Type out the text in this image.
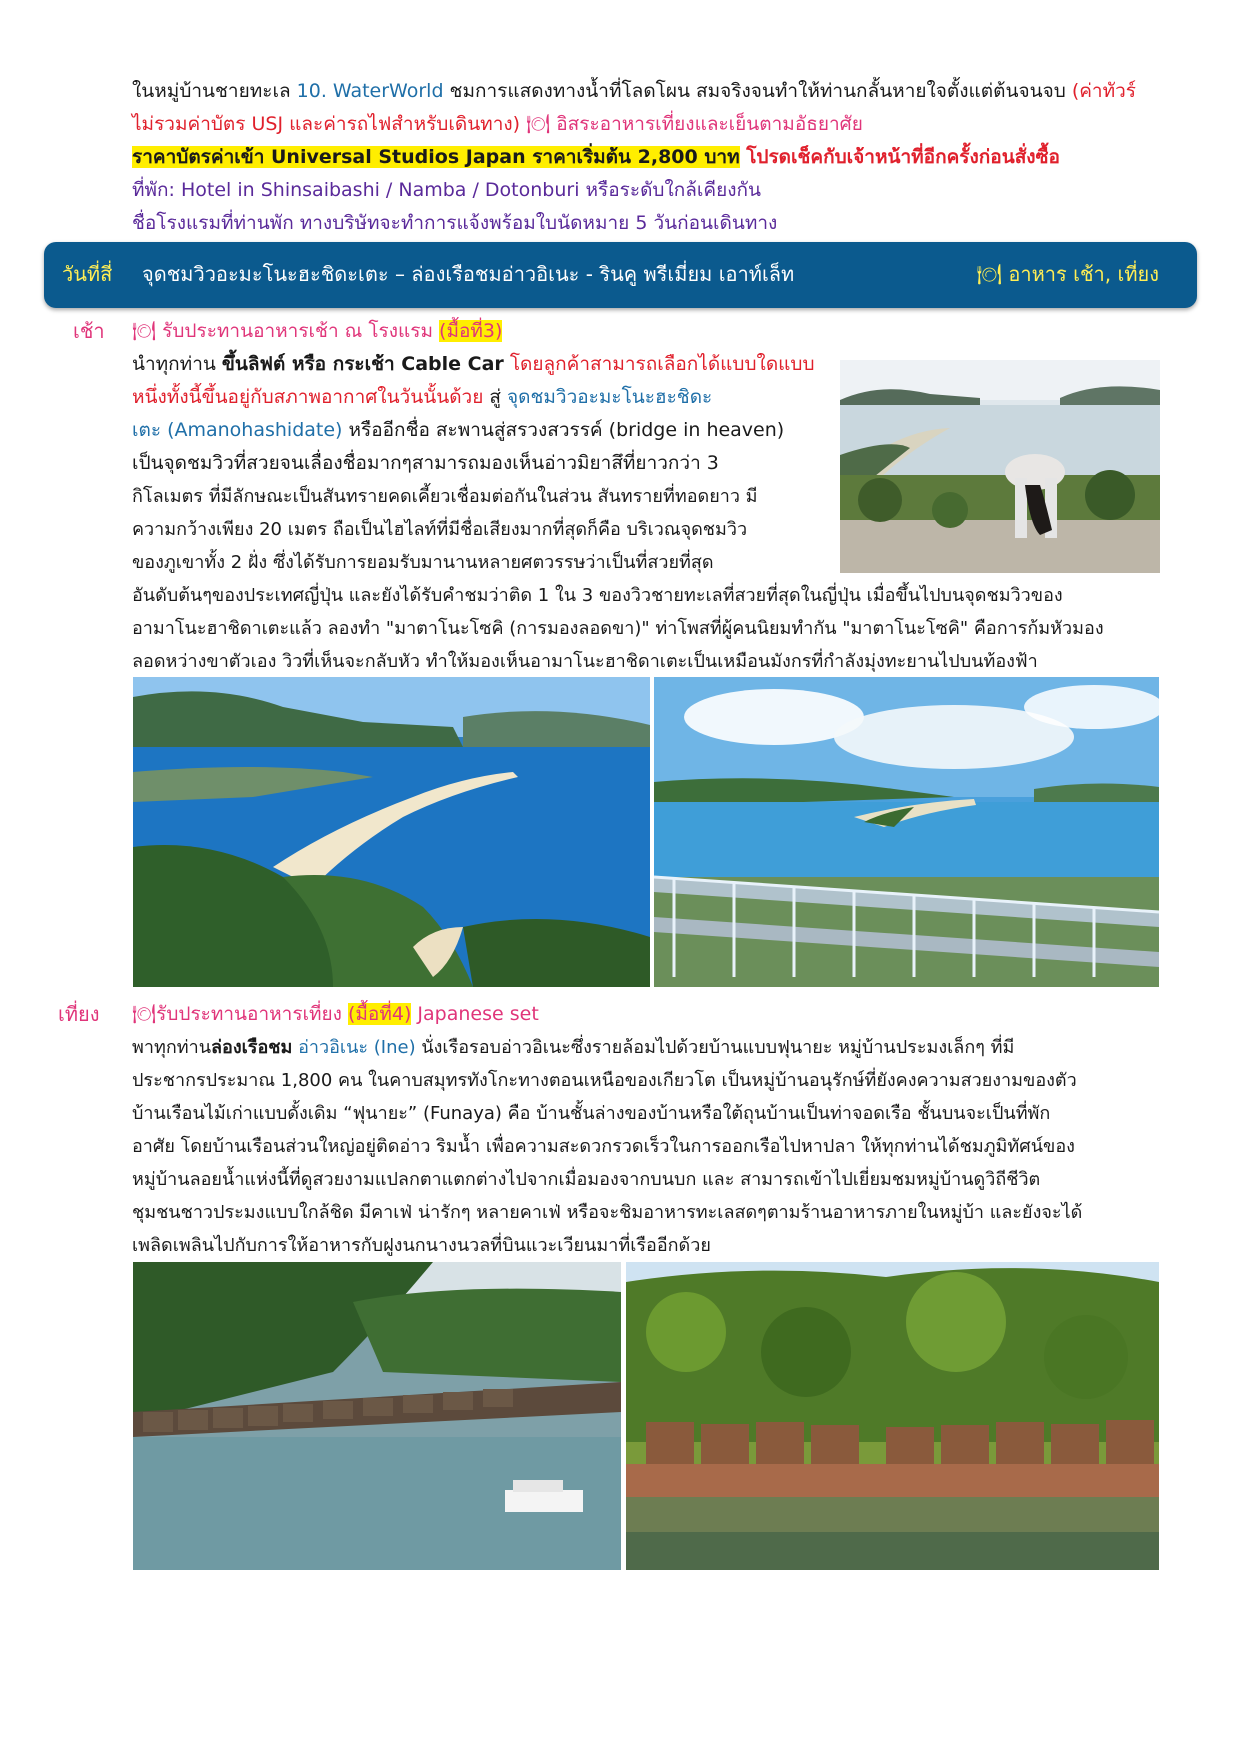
ในหมู่บ้านชายทะเล 10. WaterWorld ชมการแสดงทางน้ำที่โลดโผน สมจริงจนทำให้ท่านกลั้นหายใจตั้งแต่ต้นจนจบ (ค่าทัวร์
ไม่รวมค่าบัตร USJ และค่ารถไฟสำหรับเดินทาง) 🍽 อิสระอาหารเที่ยงและเย็นตามอัธยาศัย
ราคาบัตรค่าเข้า Universal Studios Japan ราคาเริ่มต้น 2,800 บาท โปรดเช็คกับเจ้าหน้าที่อีกครั้งก่อนสั่งซื้อ
ที่พัก: Hotel in Shinsaibashi / Namba / Dotonburi หรือระดับใกล้เคียงกัน
ชื่อโรงแรมที่ท่านพัก ทางบริษัทจะทำการแจ้งพร้อมใบนัดหมาย 5 วันก่อนเดินทาง
วันที่สี่ จุดชมวิวอะมะโนะฮะชิดะเตะ – ล่องเรือชมอ่าวอิเนะ - รินคู พรีเมี่ยม เอาท์เล็ท	🍽 อาหาร เช้า, เที่ยง
เช้า 🍽 รับประทานอาหารเช้า ณ โรงแรม (มื้อที่3)
นำทุกท่าน ขึ้นลิฟต์ หรือ กระเช้า Cable Car โดยลูกค้าสามารถเลือกได้แบบใดแบบ
หนึ่งทั้งนี้ขึ้นอยู่กับสภาพอากาศในวันนั้นด้วย สู่ จุดชมวิวอะมะโนะฮะชิดะ
เตะ (Amanohashidate) หรืออีกชื่อ สะพานสู่สรวงสวรรค์ (bridge in heaven)
เป็นจุดชมวิวที่สวยจนเลื่องชื่อมากๆสามารถมองเห็นอ่าวมิยาสึที่ยาวกว่า 3
กิโลเมตร ที่มีลักษณะเป็นสันทรายคดเคี้ยวเชื่อมต่อกันในส่วน สันทรายที่ทอดยาว มี
ความกว้างเพียง 20 เมตร ถือเป็นไฮไลท์ที่มีชื่อเสียงมากที่สุดก็คือ บริเวณจุดชมวิว
ของภูเขาทั้ง 2 ฝั่ง ซึ่งได้รับการยอมรับมานานหลายศตวรรษว่าเป็นที่สวยที่สุด
อันดับต้นๆของประเทศญี่ปุ่น และยังได้รับคำชมว่าติด 1 ใน 3 ของวิวชายทะเลที่สวยที่สุดในญี่ปุ่น เมื่อขึ้นไปบนจุดชมวิวของ
อามาโนะฮาชิดาเตะแล้ว ลองทำ "มาตาโนะโซคิ (การมองลอดขา)" ท่าโพสที่ผู้คนนิยมทำกัน "มาตาโนะโซคิ" คือการก้มหัวมอง
ลอดหว่างขาตัวเอง วิวที่เห็นจะกลับหัว ทำให้มองเห็นอามาโนะฮาชิดาเตะเป็นเหมือนมังกรที่กำลังมุ่งทะยานไปบนท้องฟ้า
เที่ยง 🍽รับประทานอาหารเที่ยง (มื้อที่4) Japanese set
พาทุกท่านล่องเรือชม อ่าวอิเนะ (Ine) นั่งเรือรอบอ่าวอิเนะซึ่งรายล้อมไปด้วยบ้านแบบฟุนายะ หมู่บ้านประมงเล็กๆ ที่มี
ประชากรประมาณ 1,800 คน ในคาบสมุทรทังโกะทางตอนเหนือของเกียวโต เป็นหมู่บ้านอนุรักษ์ที่ยังคงความสวยงามของตัว
บ้านเรือนไม้เก่าแบบดั้งเดิม “ฟุนายะ” (Funaya) คือ บ้านชั้นล่างของบ้านหรือใต้ถุนบ้านเป็นท่าจอดเรือ ชั้นบนจะเป็นที่พัก
อาศัย โดยบ้านเรือนส่วนใหญ่อยู่ติดอ่าว ริมน้ำ เพื่อความสะดวกรวดเร็วในการออกเรือไปหาปลา ให้ทุกท่านได้ชมภูมิทัศน์ของ
หมู่บ้านลอยน้ำแห่งนี้ที่ดูสวยงามแปลกตาแตกต่างไปจากเมื่อมองจากบนบก และ สามารถเข้าไปเยี่ยมชมหมู่บ้านดูวิถีชีวิต
ชุมชนชาวประมงแบบใกล้ชิด มีคาเฟ่ น่ารักๆ หลายคาเฟ่ หรือจะชิมอาหารทะเลสดๆตามร้านอาหารภายในหมู่บ้า และยังจะได้
เพลิดเพลินไปกับการให้อาหารกับฝูงนกนางนวลที่บินแวะเวียนมาที่เรืออีกด้วย
